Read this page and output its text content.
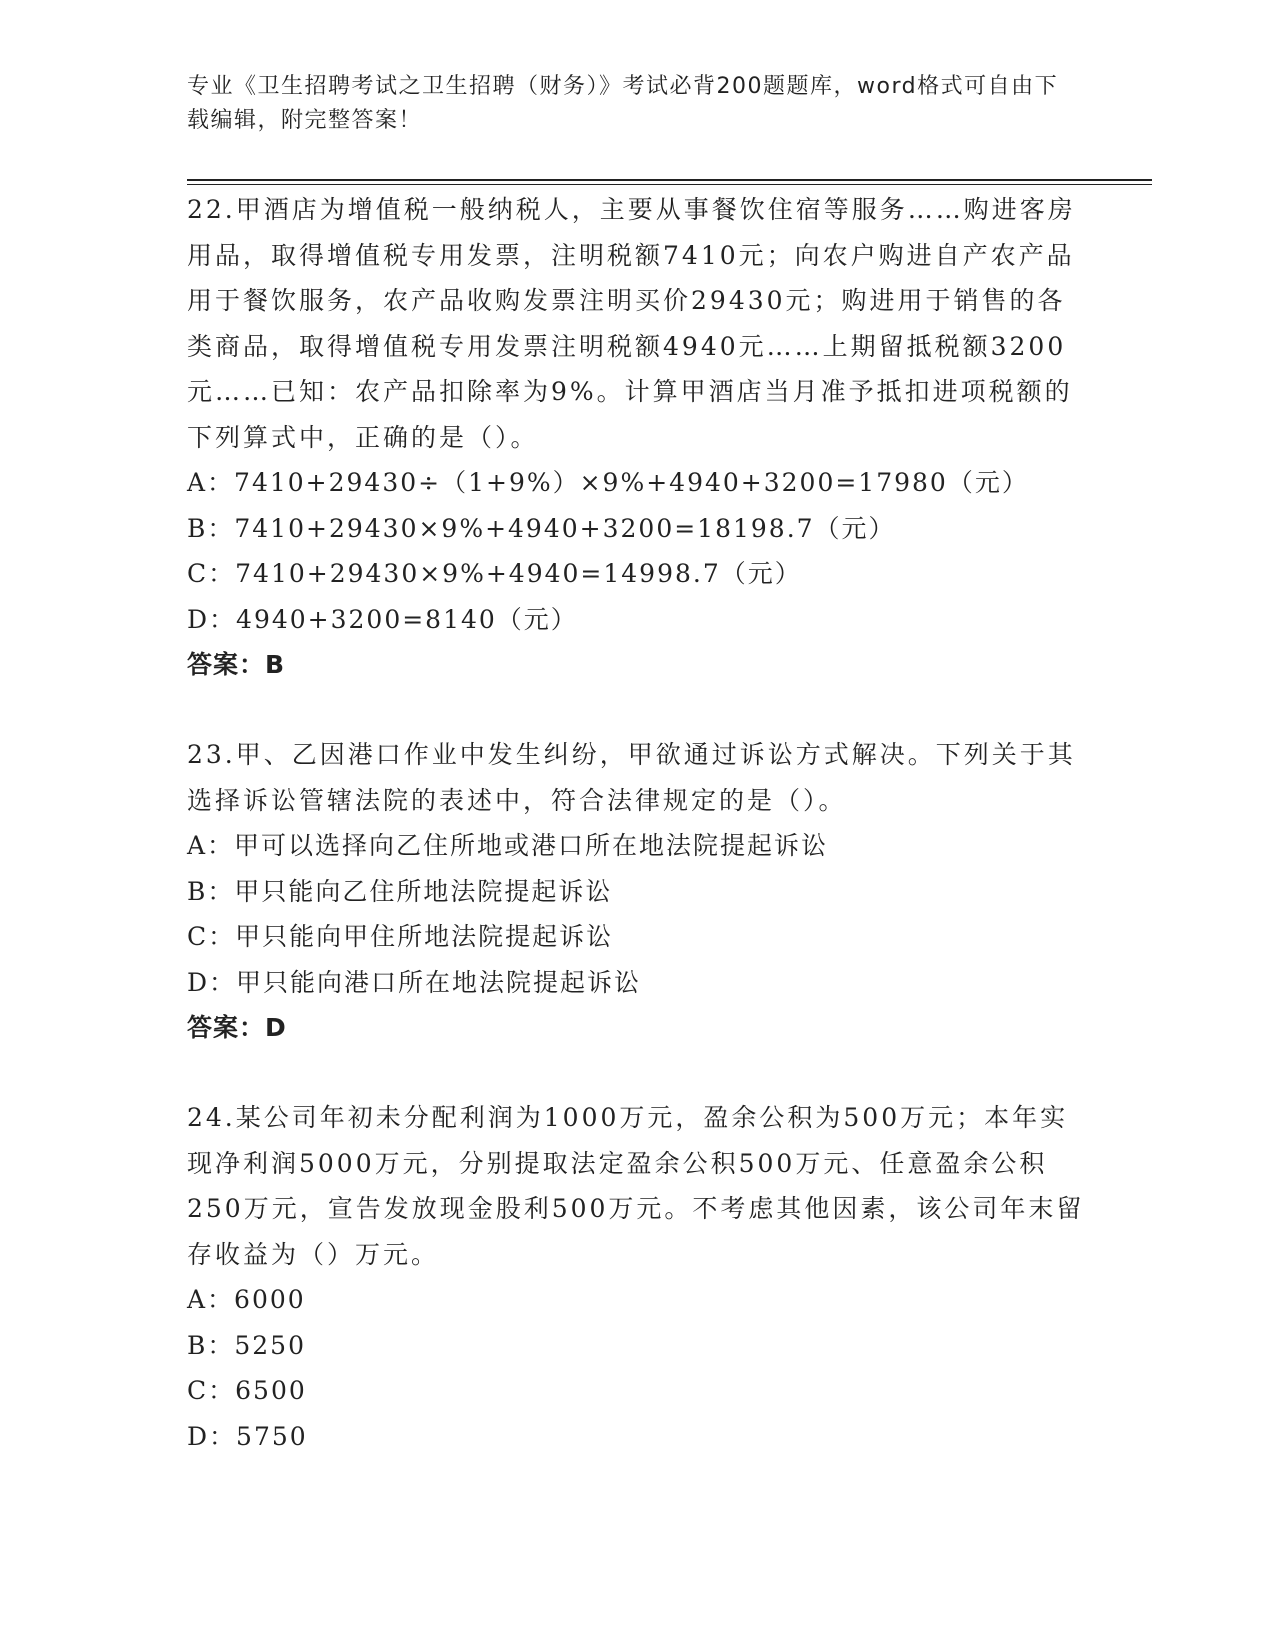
专业《卫生招聘考试之卫生招聘（财务）》考试必背200题题库，word格式可自由下载编辑，附完整答案！

22.甲酒店为增值税一般纳税人，主要从事餐饮住宿等服务……购进客房用品，取得增值税专用发票，注明税额7410元；向农户购进自产农产品用于餐饮服务，农产品收购发票注明买价29430元；购进用于销售的各类商品，取得增值税专用发票注明税额4940元……上期留抵税额3200元……已知：农产品扣除率为9%。计算甲酒店当月准予抵扣进项税额的下列算式中，正确的是（）。

A：7410+29430÷（1+9%）×9%+4940+3200=17980（元）

B：7410+29430×9%+4940+3200=18198.7（元）

C：7410+29430×9%+4940=14998.7（元）

D：4940+3200=8140（元）

答案：B

23.甲、乙因港口作业中发生纠纷，甲欲通过诉讼方式解决。下列关于其选择诉讼管辖法院的表述中，符合法律规定的是（）。

A：甲可以选择向乙住所地或港口所在地法院提起诉讼

B：甲只能向乙住所地法院提起诉讼

C：甲只能向甲住所地法院提起诉讼

D：甲只能向港口所在地法院提起诉讼

答案：D

24.某公司年初未分配利润为1000万元，盈余公积为500万元；本年实现净利润5000万元，分别提取法定盈余公积500万元、任意盈余公积250万元，宣告发放现金股利500万元。不考虑其他因素，该公司年末留存收益为（）万元。

A：6000

B：5250

C：6500

D：5750
